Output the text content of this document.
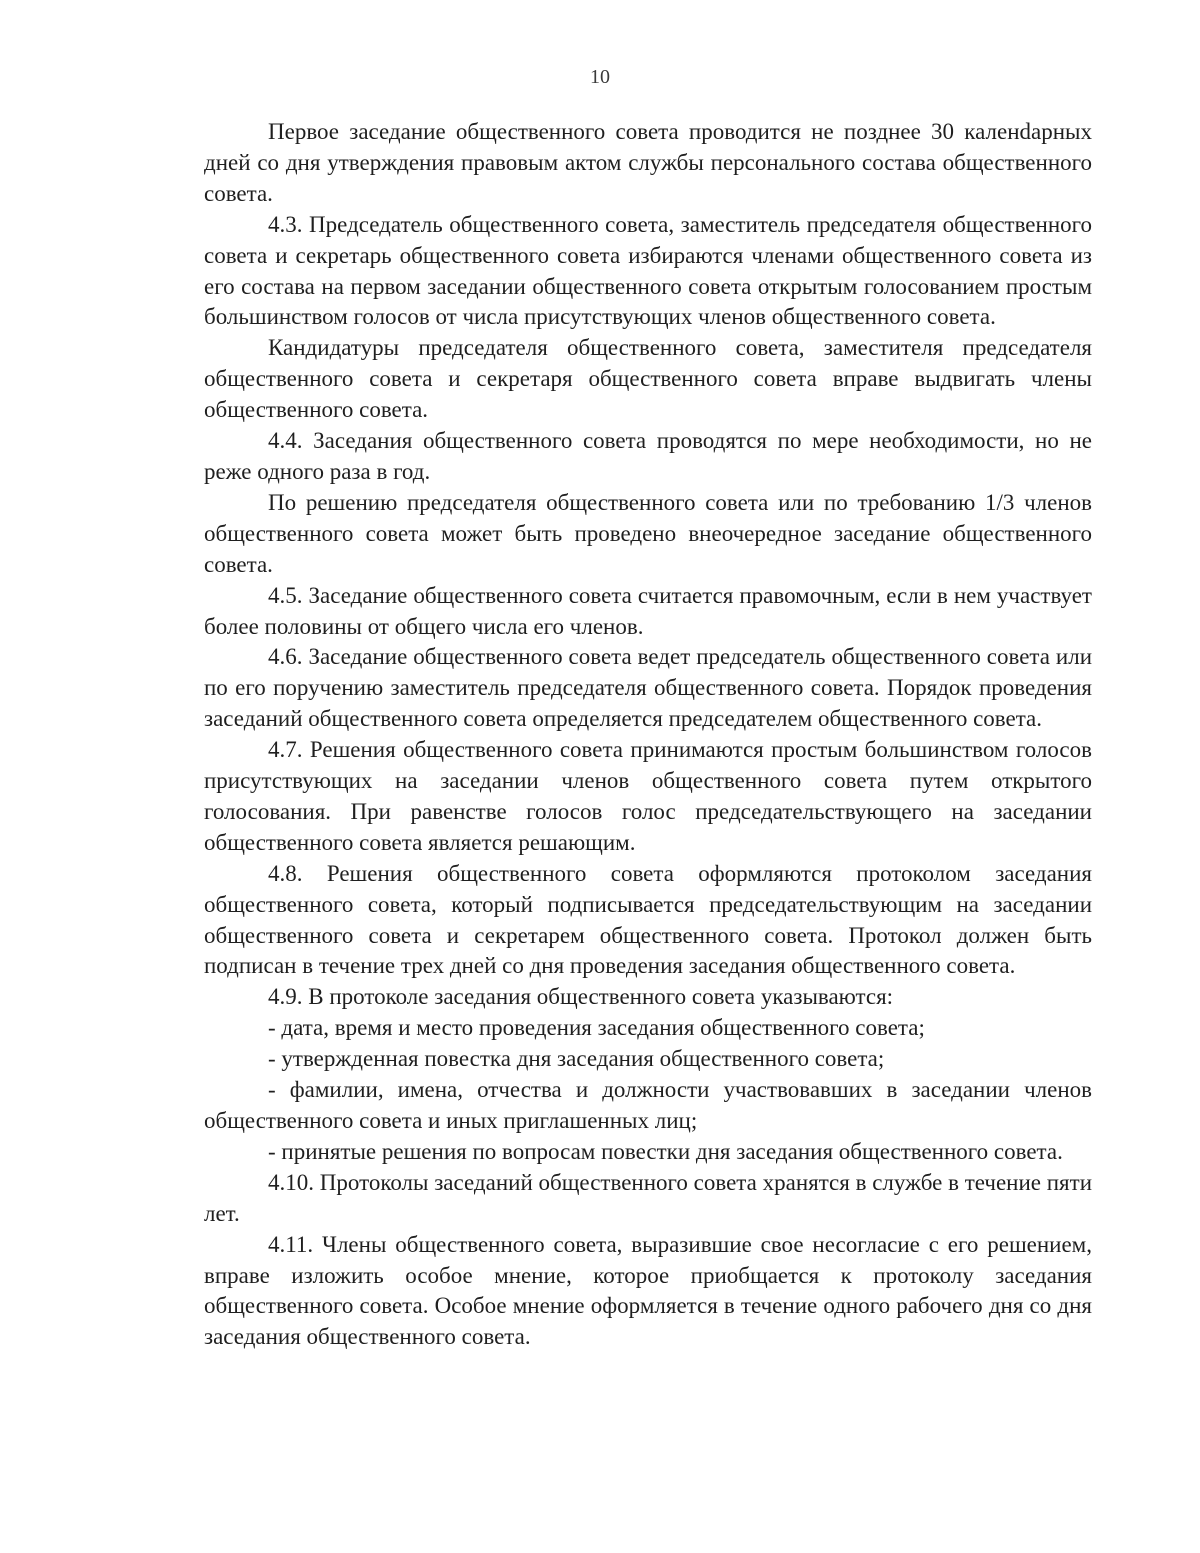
10

Первое заседание общественного совета проводится не позднее 30 каленdарных дней со дня утверждения правовым актом службы персонального состава общественного совета.

4.3. Председатель общественного совета, заместитель председателя общественного совета и секретарь общественного совета избираются членами общественного совета из его состава на первом заседании общественного совета открытым голосованием простым большинством голосов от числа присутствующих членов общественного совета.

Кандидатуры председателя общественного совета, заместителя председателя общественного совета и секретаря общественного совета вправе выдвигать члены общественного совета.

4.4. Заседания общественного совета проводятся по мере необходимости, но не реже одного раза в год.

По решению председателя общественного совета или по требованию 1/3 членов общественного совета может быть проведено внеочередное заседание общественного совета.

4.5. Заседание общественного совета считается правомочным, если в нем участвует более половины от общего числа его членов.

4.6. Заседание общественного совета ведет председатель общественного совета или по его поручению заместитель председателя общественного совета. Порядок проведения заседаний общественного совета определяется председателем общественного совета.

4.7. Решения общественного совета принимаются простым большинством голосов присутствующих на заседании членов общественного совета путем открытого голосования. При равенстве голосов голос председательствующего на заседании общественного совета является решающим.

4.8. Решения общественного совета оформляются протоколом заседания общественного совета, который подписывается председательствующим на заседании общественного совета и секретарем общественного совета. Протокол должен быть подписан в течение трех дней со дня проведения заседания общественного совета.

4.9. В протоколе заседания общественного совета указываются:

- дата, время и место проведения заседания общественного совета;

- утвержденная повестка дня заседания общественного совета;

- фамилии, имена, отчества и должности участвовавших в заседании членов общественного совета и иных приглашенных лиц;

- принятые решения по вопросам повестки дня заседания общественного совета.

4.10. Протоколы заседаний общественного совета хранятся в службе в течение пяти лет.

4.11. Члены общественного совета, выразившие свое несогласие с его решением, вправе изложить особое мнение, которое приобщается к протоколу заседания общественного совета. Особое мнение оформляется в течение одного рабочего дня со дня заседания общественного совета.
